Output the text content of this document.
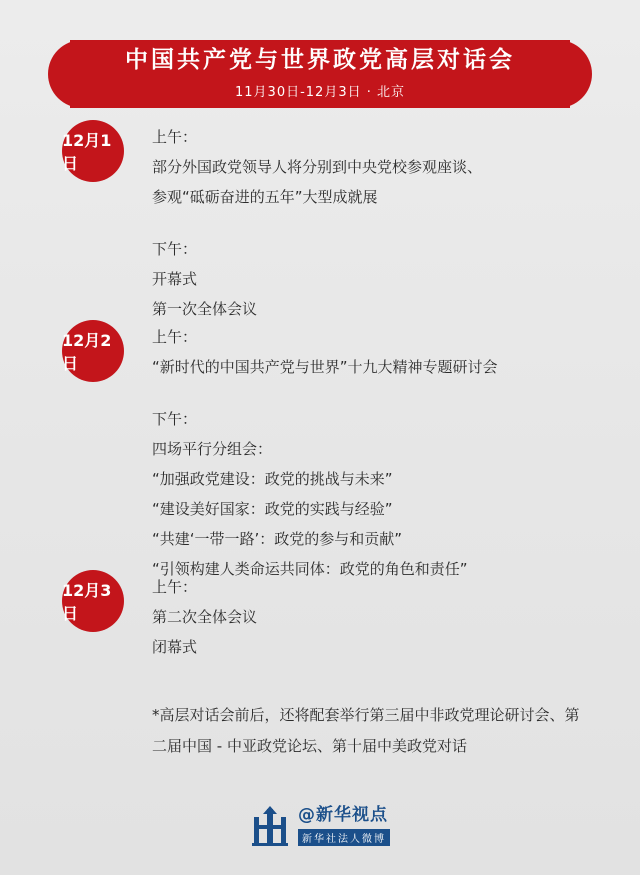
中国共产党与世界政党高层对话会
11月30日-12月3日 · 北京
12月1日
上午：
部分外国政党领导人将分别到中央党校参观座谈、
参观“砥砺奋进的五年”大型成就展
下午：
开幕式
第一次全体会议
12月2日
上午：
“新时代的中国共产党与世界”十九大精神专题研讨会
下午：
四场平行分组会：
“加强政党建设：政党的挑战与未来”
“建设美好国家：政党的实践与经验”
“共建‘一带一路’：政党的参与和贡献”
“引领构建人类命运共同体：政党的角色和责任”
12月3日
上午：
第二次全体会议
闭幕式
*高层对话会前后，还将配套举行第三届中非政党理论研讨会、第二届中国 - 中亚政党论坛、第十届中美政党对话
@新华视点
新华社法人微博
